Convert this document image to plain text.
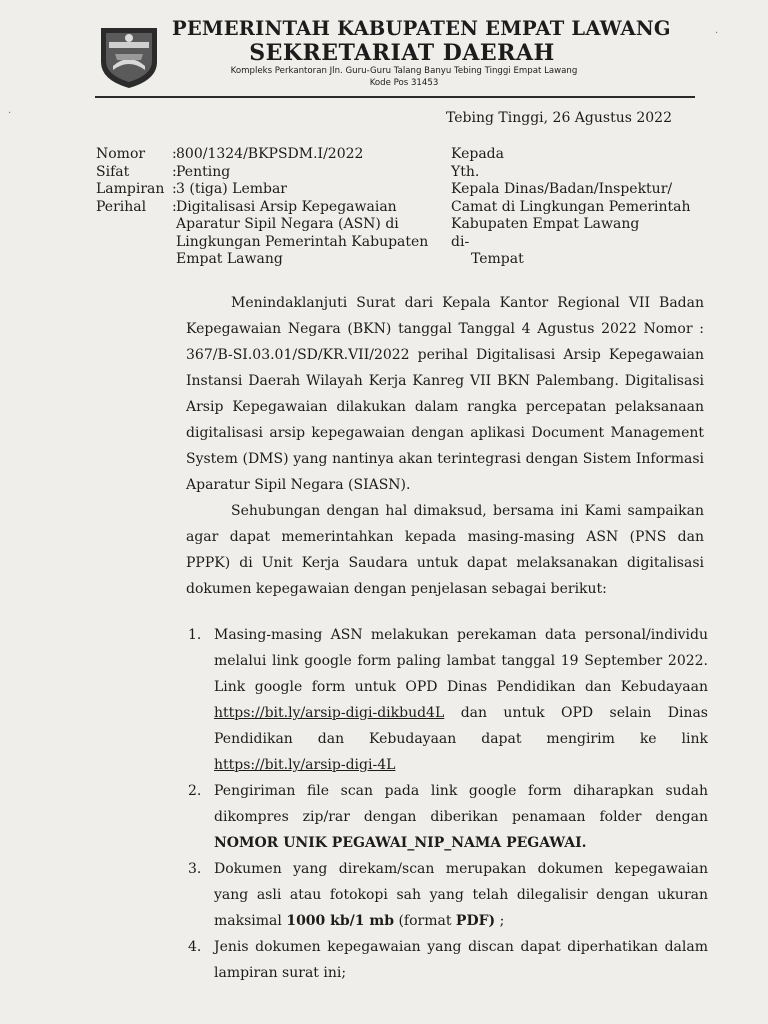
PEMERINTAH KABUPATEN EMPAT LAWANG
SEKRETARIAT DAERAH
Kompleks Perkantoran Jln. Guru-Guru Talang Banyu Tebing Tinggi Empat Lawang
Kode Pos 31453
Tebing Tinggi, 26 Agustus 2022
Nomor	: 800/1324/BKPSDM.I/2022
Sifat	: Penting
Lampiran : 3 (tiga) Lembar
Perihal	: Digitalisasi Arsip Kepegawaian Aparatur Sipil Negara (ASN) di Lingkungan Pemerintah Kabupaten Empat Lawang
Kepada
Yth.
Kepala Dinas/Badan/Inspektur/
Camat di Lingkungan Pemerintah
Kabupaten Empat Lawang
di-
Tempat

Menindaklanjuti Surat dari Kepala Kantor Regional VII Badan Kepegawaian Negara (BKN) tanggal Tanggal 4 Agustus 2022 Nomor : 367/B-SI.03.01/SD/KR.VII/2022 perihal Digitalisasi Arsip Kepegawaian Instansi Daerah Wilayah Kerja Kanreg VII BKN Palembang. Digitalisasi Arsip Kepegawaian dilakukan dalam rangka percepatan pelaksanaan digitalisasi arsip kepegawaian dengan aplikasi Document Management System (DMS) yang nantinya akan terintegrasi dengan Sistem Informasi Aparatur Sipil Negara (SIASN).

Sehubungan dengan hal dimaksud, bersama ini Kami sampaikan agar dapat memerintahkan kepada masing-masing ASN (PNS dan PPPK) di Unit Kerja Saudara untuk dapat melaksanakan digitalisasi dokumen kepegawaian dengan penjelasan sebagai berikut:

1. Masing-masing ASN melakukan perekaman data personal/individu melalui link google form paling lambat tanggal 19 September 2022. Link google form untuk OPD Dinas Pendidikan dan Kebudayaan https://bit.ly/arsip-digi-dikbud4L dan untuk OPD selain Dinas Pendidikan dan Kebudayaan dapat mengirim ke link https://bit.ly/arsip-digi-4L

2. Pengiriman file scan pada link google form diharapkan sudah dikompres zip/rar dengan diberikan penamaan folder dengan NOMOR UNIK PEGAWAI_NIP_NAMA PEGAWAI.

3. Dokumen yang direkam/scan merupakan dokumen kepegawaian yang asli atau fotokopi sah yang telah dilegalisir dengan ukuran maksimal 1000 kb/1 mb (format PDF) ;

4. Jenis dokumen kepegawaian yang discan dapat diperhatikan dalam lampiran surat ini;

·
·
